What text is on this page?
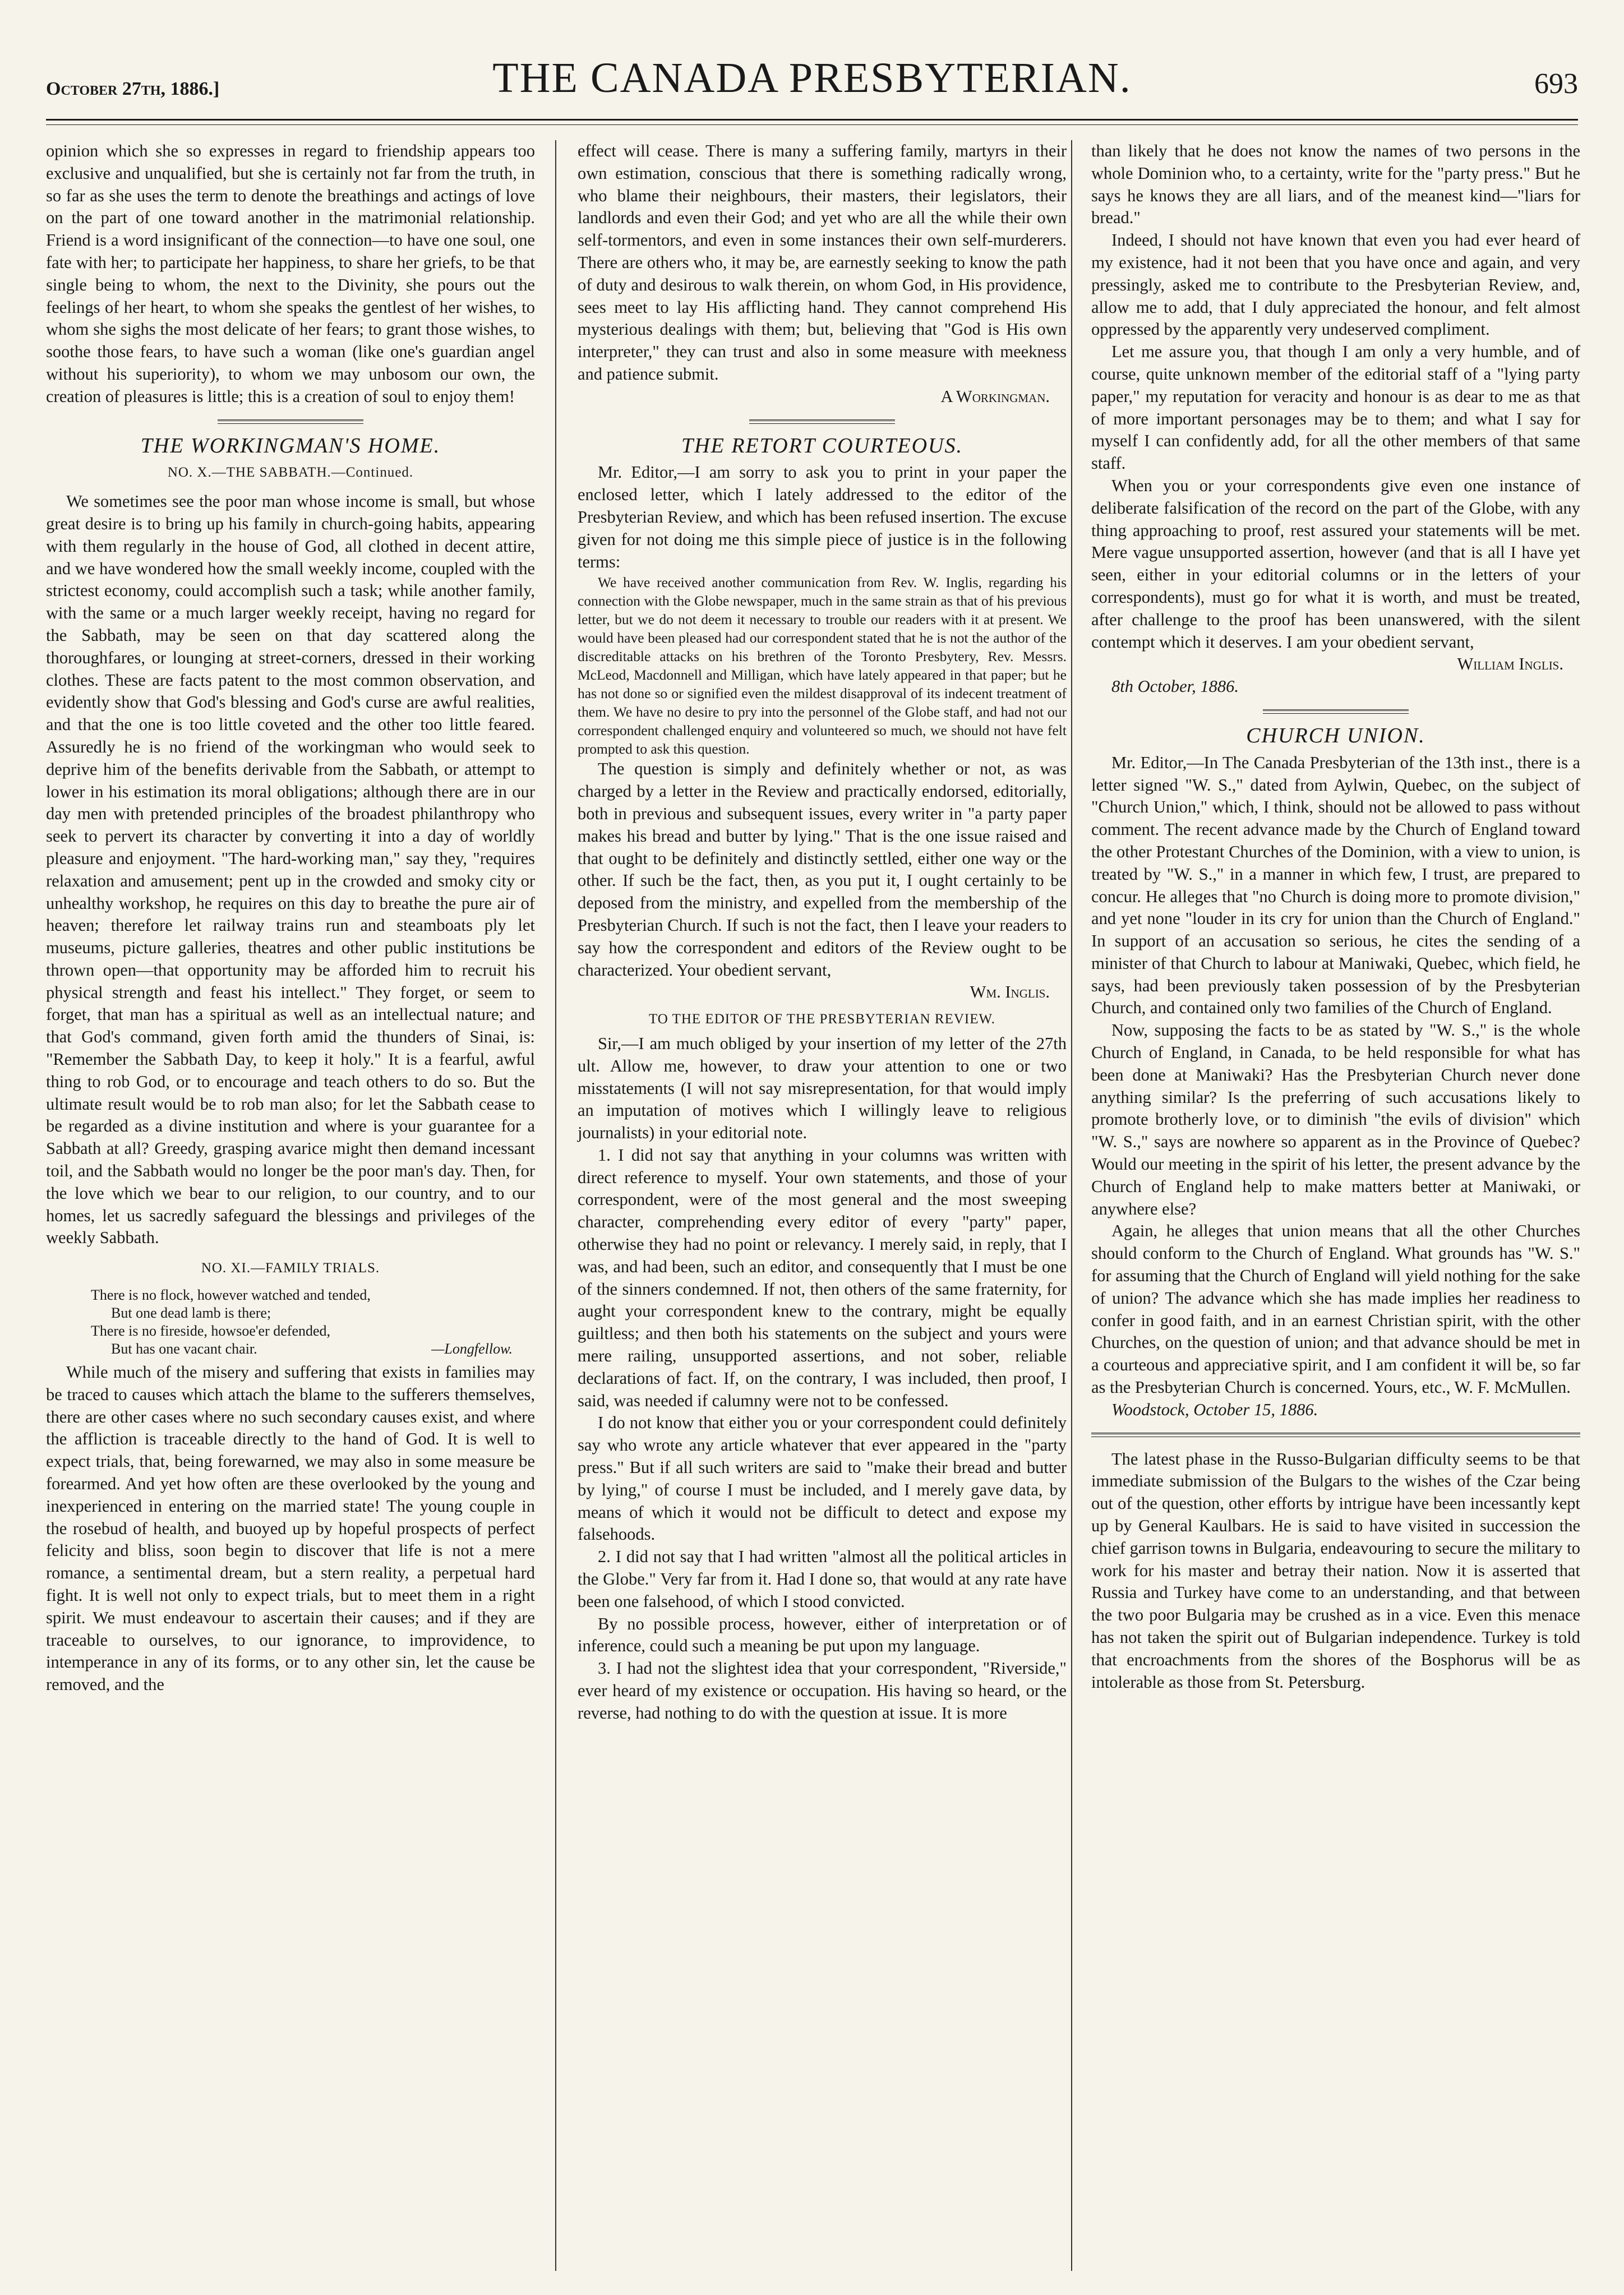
October 27th, 1886.]	THE CANADA PRESBYTERIAN.	693

opinion which she so expresses in regard to friendship appears too exclusive and unqualified, but she is certainly not far from the truth, in so far as she uses the term to denote the breathings and actings of love on the part of one toward another in the matrimonial relationship. Friend is a word insignificant of the connection—to have one soul, one fate with her; to participate her happiness, to share her griefs, to be that single being to whom, the next to the Divinity, she pours out the feelings of her heart, to whom she speaks the gentlest of her wishes, to whom she sighs the most delicate of her fears; to grant those wishes, to soothe those fears, to have such a woman (like one's guardian angel without his superiority), to whom we may unbosom our own, the creation of pleasures is little; this is a creation of soul to enjoy them!

THE WORKINGMAN'S HOME.
NO. X.—THE SABBATH.—Continued.

We sometimes see the poor man whose income is small, but whose great desire is to bring up his family in church-going habits, appearing with them regularly in the house of God, all clothed in decent attire, and we have wondered how the small weekly income, coupled with the strictest economy, could accomplish such a task; while another family, with the same or a much larger weekly receipt, having no regard for the Sabbath, may be seen on that day scattered along the thoroughfares, or lounging at street-corners, dressed in their working clothes. These are facts patent to the most common observation, and evidently show that God's blessing and God's curse are awful realities, and that the one is too little coveted and the other too little feared. Assuredly he is no friend of the workingman who would seek to deprive him of the benefits derivable from the Sabbath, or attempt to lower in his estimation its moral obligations; although there are in our day men with pretended principles of the broadest philanthropy who seek to pervert its character by converting it into a day of worldly pleasure and enjoyment. "The hard-working man," say they, "requires relaxation and amusement; pent up in the crowded and smoky city or unhealthy workshop, he requires on this day to breathe the pure air of heaven; therefore let railway trains run and steamboats ply let museums, picture galleries, theatres and other public institutions be thrown open—that opportunity may be afforded him to recruit his physical strength and feast his intellect." They forget, or seem to forget, that man has a spiritual as well as an intellectual nature; and that God's command, given forth amid the thunders of Sinai, is: "Remember the Sabbath Day, to keep it holy." It is a fearful, awful thing to rob God, or to encourage and teach others to do so. But the ultimate result would be to rob man also; for let the Sabbath cease to be regarded as a divine institution and where is your guarantee for a Sabbath at all? Greedy, grasping avarice might then demand incessant toil, and the Sabbath would no longer be the poor man's day. Then, for the love which we bear to our religion, to our country, and to our homes, let us sacredly safeguard the blessings and privileges of the weekly Sabbath.

NO. XI.—FAMILY TRIALS.
There is no flock, however watched and tended,
But one dead lamb is there;
There is no fireside, howsoe'er defended,
But has one vacant chair.	—Longfellow.

While much of the misery and suffering that exists in families may be traced to causes which attach the blame to the sufferers themselves, there are other cases where no such secondary causes exist, and where the affliction is traceable directly to the hand of God. It is well to expect trials, that, being forewarned, we may also in some measure be forearmed. And yet how often are these overlooked by the young and inexperienced in entering on the married state! The young couple in the rosebud of health, and buoyed up by hopeful prospects of perfect felicity and bliss, soon begin to discover that life is not a mere romance, a sentimental dream, but a stern reality, a perpetual hard fight. It is well not only to expect trials, but to meet them in a right spirit. We must endeavour to ascertain their causes; and if they are traceable to ourselves, to our ignorance, to improvidence, to intemperance in any of its forms, or to any other sin, let the cause be removed, and the

effect will cease. There is many a suffering family, martyrs in their own estimation, conscious that there is something radically wrong, who blame their neighbours, their masters, their legislators, their landlords and even their God; and yet who are all the while their own self-tormentors, and even in some instances their own self-murderers. There are others who, it may be, are earnestly seeking to know the path of duty and desirous to walk therein, on whom God, in His providence, sees meet to lay His afflicting hand. They cannot comprehend His mysterious dealings with them; but, believing that "God is His own interpreter," they can trust and also in some measure with meekness and patience submit.

A Workingman.
THE RETORT COURTEOUS.

Mr. Editor,—I am sorry to ask you to print in your paper the enclosed letter, which I lately addressed to the editor of the Presbyterian Review, and which has been refused insertion. The excuse given for not doing me this simple piece of justice is in the following terms:

We have received another communication from Rev. W. Inglis, regarding his connection with the Globe newspaper, much in the same strain as that of his previous letter, but we do not deem it necessary to trouble our readers with it at present. We would have been pleased had our correspondent stated that he is not the author of the discreditable attacks on his brethren of the Toronto Presbytery, Rev. Messrs. McLeod, Macdonnell and Milligan, which have lately appeared in that paper; but he has not done so or signified even the mildest disapproval of its indecent treatment of them. We have no desire to pry into the personnel of the Globe staff, and had not our correspondent challenged enquiry and volunteered so much, we should not have felt prompted to ask this question.

The question is simply and definitely whether or not, as was charged by a letter in the Review and practically endorsed, editorially, both in previous and subsequent issues, every writer in "a party paper makes his bread and butter by lying." That is the one issue raised and that ought to be definitely and distinctly settled, either one way or the other. If such be the fact, then, as you put it, I ought certainly to be deposed from the ministry, and expelled from the membership of the Presbyterian Church. If such is not the fact, then I leave your readers to say how the correspondent and editors of the Review ought to be characterized. Your obedient servant,

Wm. Inglis.
TO THE EDITOR OF THE PRESBYTERIAN REVIEW.

Sir,—I am much obliged by your insertion of my letter of the 27th ult. Allow me, however, to draw your attention to one or two misstatements (I will not say misrepresentation, for that would imply an imputation of motives which I willingly leave to religious journalists) in your editorial note.

1. I did not say that anything in your columns was written with direct reference to myself. Your own statements, and those of your correspondent, were of the most general and the most sweeping character, comprehending every editor of every "party" paper, otherwise they had no point or relevancy. I merely said, in reply, that I was, and had been, such an editor, and consequently that I must be one of the sinners condemned. If not, then others of the same fraternity, for aught your correspondent knew to the contrary, might be equally guiltless; and then both his statements on the subject and yours were mere railing, unsupported assertions, and not sober, reliable declarations of fact. If, on the contrary, I was included, then proof, I said, was needed if calumny were not to be confessed.

I do not know that either you or your correspondent could definitely say who wrote any article whatever that ever appeared in the "party press." But if all such writers are said to "make their bread and butter by lying," of course I must be included, and I merely gave data, by means of which it would not be difficult to detect and expose my falsehoods.

2. I did not say that I had written "almost all the political articles in the Globe." Very far from it. Had I done so, that would at any rate have been one falsehood, of which I stood convicted.

By no possible process, however, either of interpretation or of inference, could such a meaning be put upon my language.

3. I had not the slightest idea that your correspondent, "Riverside," ever heard of my existence or occupation. His having so heard, or the reverse, had nothing to do with the question at issue. It is more

than likely that he does not know the names of two persons in the whole Dominion who, to a certainty, write for the "party press." But he says he knows they are all liars, and of the meanest kind—"liars for bread."

Indeed, I should not have known that even you had ever heard of my existence, had it not been that you have once and again, and very pressingly, asked me to contribute to the Presbyterian Review, and, allow me to add, that I duly appreciated the honour, and felt almost oppressed by the apparently very undeserved compliment.

Let me assure you, that though I am only a very humble, and of course, quite unknown member of the editorial staff of a "lying party paper," my reputation for veracity and honour is as dear to me as that of more important personages may be to them; and what I say for myself I can confidently add, for all the other members of that same staff.

When you or your correspondents give even one instance of deliberate falsification of the record on the part of the Globe, with any thing approaching to proof, rest assured your statements will be met. Mere vague unsupported assertion, however (and that is all I have yet seen, either in your editorial columns or in the letters of your correspondents), must go for what it is worth, and must be treated, after challenge to the proof has been unanswered, with the silent contempt which it deserves. I am your obedient servant,

William Inglis.
8th October, 1886.
CHURCH UNION.

Mr. Editor,—In The Canada Presbyterian of the 13th inst., there is a letter signed "W. S.," dated from Aylwin, Quebec, on the subject of "Church Union," which, I think, should not be allowed to pass without comment. The recent advance made by the Church of England toward the other Protestant Churches of the Dominion, with a view to union, is treated by "W. S.," in a manner in which few, I trust, are prepared to concur. He alleges that "no Church is doing more to promote division," and yet none "louder in its cry for union than the Church of England." In support of an accusation so serious, he cites the sending of a minister of that Church to labour at Maniwaki, Quebec, which field, he says, had been previously taken possession of by the Presbyterian Church, and contained only two families of the Church of England.

Now, supposing the facts to be as stated by "W. S.," is the whole Church of England, in Canada, to be held responsible for what has been done at Maniwaki? Has the Presbyterian Church never done anything similar? Is the preferring of such accusations likely to promote brotherly love, or to diminish "the evils of division" which "W. S.," says are nowhere so apparent as in the Province of Quebec? Would our meeting in the spirit of his letter, the present advance by the Church of England help to make matters better at Maniwaki, or anywhere else?

Again, he alleges that union means that all the other Churches should conform to the Church of England. What grounds has "W. S." for assuming that the Church of England will yield nothing for the sake of union? The advance which she has made implies her readiness to confer in good faith, and in an earnest Christian spirit, with the other Churches, on the question of union; and that advance should be met in a courteous and appreciative spirit, and I am confident it will be, so far as the Presbyterian Church is concerned. Yours, etc., W. F. McMullen.

Woodstock, October 15, 1886.

The latest phase in the Russo-Bulgarian difficulty seems to be that immediate submission of the Bulgars to the wishes of the Czar being out of the question, other efforts by intrigue have been incessantly kept up by General Kaulbars. He is said to have visited in succession the chief garrison towns in Bulgaria, endeavouring to secure the military to work for his master and betray their nation. Now it is asserted that Russia and Turkey have come to an understanding, and that between the two poor Bulgaria may be crushed as in a vice. Even this menace has not taken the spirit out of Bulgarian independence. Turkey is told that encroachments from the shores of the Bosphorus will be as intolerable as those from St. Petersburg.
